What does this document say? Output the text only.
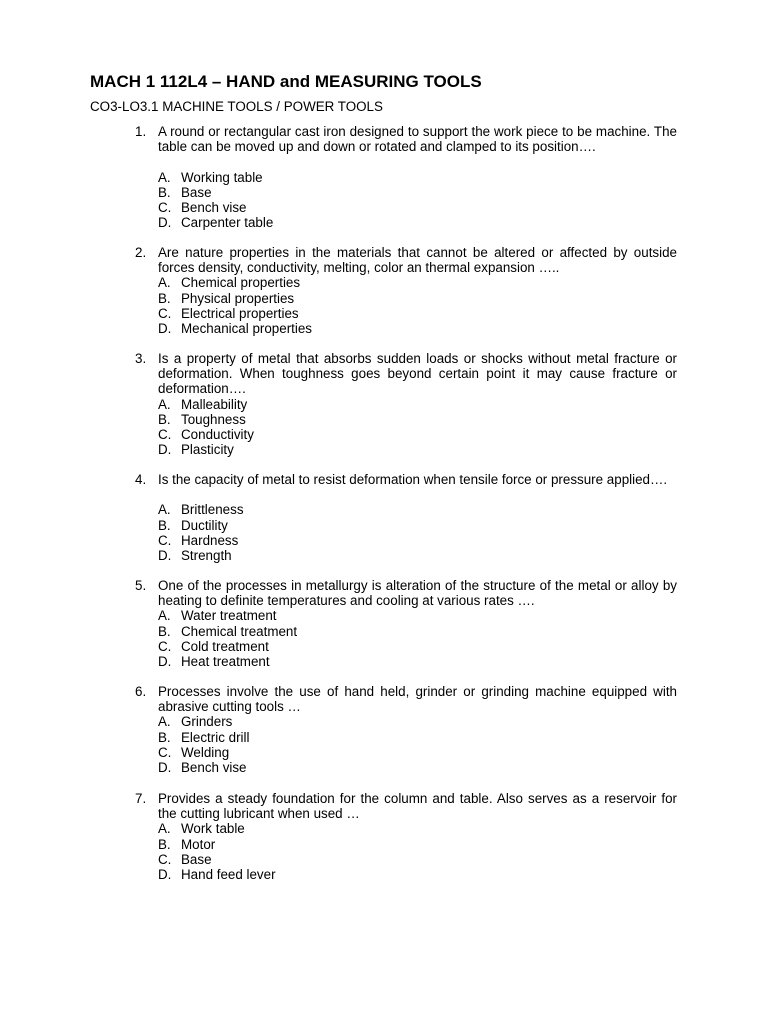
MACH 1 112L4 – HAND and MEASURING TOOLS

CO3-LO3.1 MACHINE TOOLS / POWER TOOLS

1. A round or rectangular cast iron designed to support the work piece to be machine. The table can be moved up and down or rotated and clamped to its position….

A. Working table
B. Base
C. Bench vise
D. Carpenter table
2. Are nature properties in the materials that cannot be altered or affected by outside forces density, conductivity, melting, color an thermal expansion …..

A. Chemical properties
B. Physical properties
C. Electrical properties
D. Mechanical properties
3. Is a property of metal that absorbs sudden loads or shocks without metal fracture or deformation. When toughness goes beyond certain point it may cause fracture or deformation….

A. Malleability
B. Toughness
C. Conductivity
D. Plasticity
4. Is the capacity of metal to resist deformation when tensile force or pressure applied….

A. Brittleness
B. Ductility
C. Hardness
D. Strength
5. One of the processes in metallurgy is alteration of the structure of the metal or alloy by heating to definite temperatures and cooling at various rates ….

A. Water treatment
B. Chemical treatment
C. Cold treatment
D. Heat treatment
6. Processes involve the use of hand held, grinder or grinding machine equipped with abrasive cutting tools …

A. Grinders
B. Electric drill
C. Welding
D. Bench vise
7. Provides a steady foundation for the column and table. Also serves as a reservoir for the cutting lubricant when used …

A. Work table
B. Motor
C. Base
D. Hand feed lever
